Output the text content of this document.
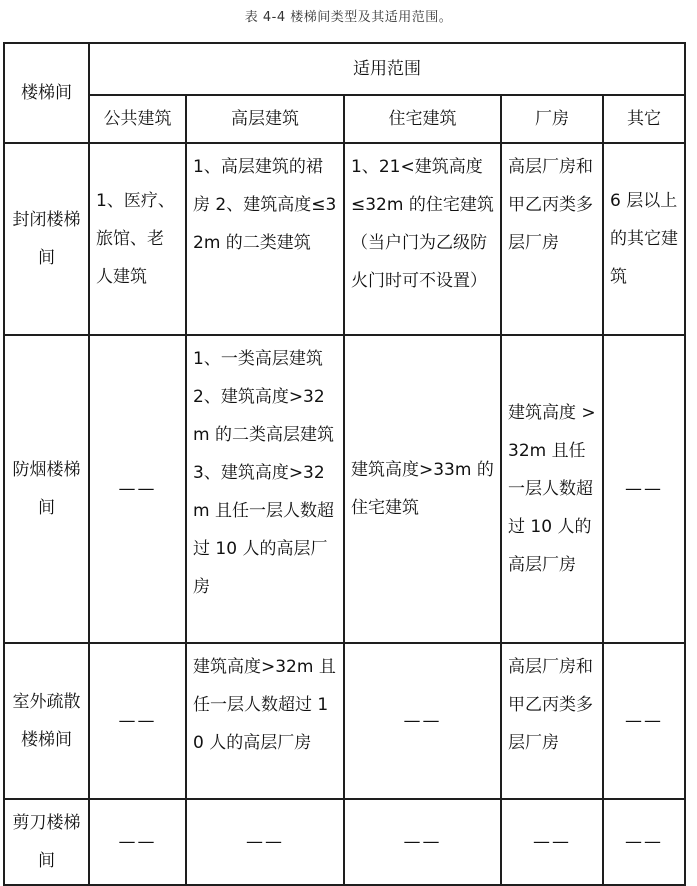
表 4-4 楼梯间类型及其适用范围。
楼梯间	适用范围				
	公共建筑	高层建筑	住宅建筑	厂房	其它
封闭楼梯间	1、医疗、旅馆、老人建筑	1、高层建筑的裙房 2、建筑高度≤32m 的二类建筑	1、21<建筑高度≤32m 的住宅建筑（当户门为乙级防火门时可不设置）	高层厂房和甲乙丙类多层厂房	6 层以上的其它建筑
防烟楼梯间	——	1、一类高层建筑 2、建筑高度>32m 的二类高层建筑 3、建筑高度>32m 且任一层人数超过 10 人的高层厂房	建筑高度>33m 的住宅建筑	建筑高度 >32m 且任一层人数超过 10 人的高层厂房	——
室外疏散楼梯间	——	建筑高度>32m 且任一层人数超过 10 人的高层厂房	——	高层厂房和甲乙丙类多层厂房	——
剪刀楼梯间	——	——	——	——	——
